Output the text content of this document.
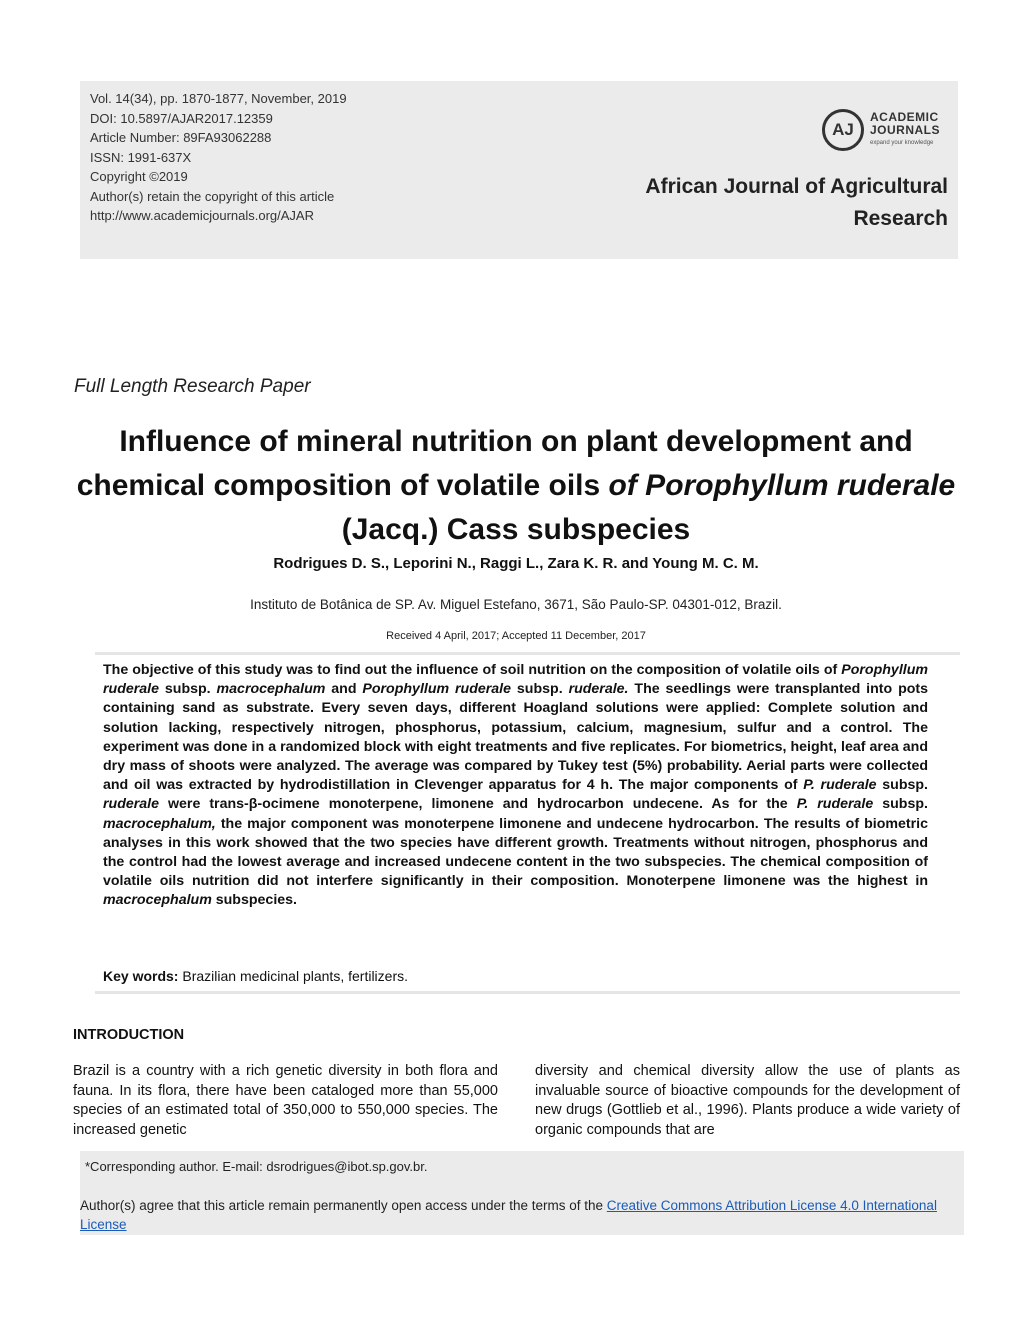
Vol. 14(34), pp. 1870-1877, November, 2019
DOI: 10.5897/AJAR2017.12359
Article Number: 89FA93062288
ISSN: 1991-637X
Copyright ©2019
Author(s) retain the copyright of this article
http://www.academicjournals.org/AJAR
AJ
ACADEMIC
JOURNALS
expand your knowledge
African Journal of Agricultural
Research
Full Length Research Paper
Influence of mineral nutrition on plant development and chemical composition of volatile oils of Porophyllum ruderale (Jacq.) Cass subspecies
Rodrigues D. S., Leporini N., Raggi L., Zara K. R. and Young M. C. M.
Instituto de Botânica de SP. Av. Miguel Estefano, 3671, São Paulo-SP. 04301-012, Brazil.
Received 4 April, 2017; Accepted 11 December, 2017
The objective of this study was to find out the influence of soil nutrition on the composition of volatile oils of Porophyllum ruderale subsp. macrocephalum and Porophyllum ruderale subsp. ruderale. The seedlings were transplanted into pots containing sand as substrate. Every seven days, different Hoagland solutions were applied: Complete solution and solution lacking, respectively nitrogen, phosphorus, potassium, calcium, magnesium, sulfur and a control. The experiment was done in a randomized block with eight treatments and five replicates. For biometrics, height, leaf area and dry mass of shoots were analyzed. The average was compared by Tukey test (5%) probability. Aerial parts were collected and oil was extracted by hydrodistillation in Clevenger apparatus for 4 h. The major components of P. ruderale subsp. ruderale were trans-β-ocimene monoterpene, limonene and hydrocarbon undecene. As for the P. ruderale subsp. macrocephalum, the major component was monoterpene limonene and undecene hydrocarbon. The results of biometric analyses in this work showed that the two species have different growth. Treatments without nitrogen, phosphorus and the control had the lowest average and increased undecene content in the two subspecies. The chemical composition of volatile oils nutrition did not interfere significantly in their composition. Monoterpene limonene was the highest in macrocephalum subspecies.
Key words: Brazilian medicinal plants, fertilizers.
INTRODUCTION
Brazil is a country with a rich genetic diversity in both flora and fauna. In its flora, there have been cataloged more than 55,000 species of an estimated total of 350,000 to 550,000 species. The increased genetic
diversity and chemical diversity allow the use of plants as invaluable source of bioactive compounds for the development of new drugs (Gottlieb et al., 1996). Plants produce a wide variety of organic compounds that are
*Corresponding author. E-mail: dsrodrigues@ibot.sp.gov.br.
Author(s) agree that this article remain permanently open access under the terms of the Creative Commons Attribution License 4.0 International License
